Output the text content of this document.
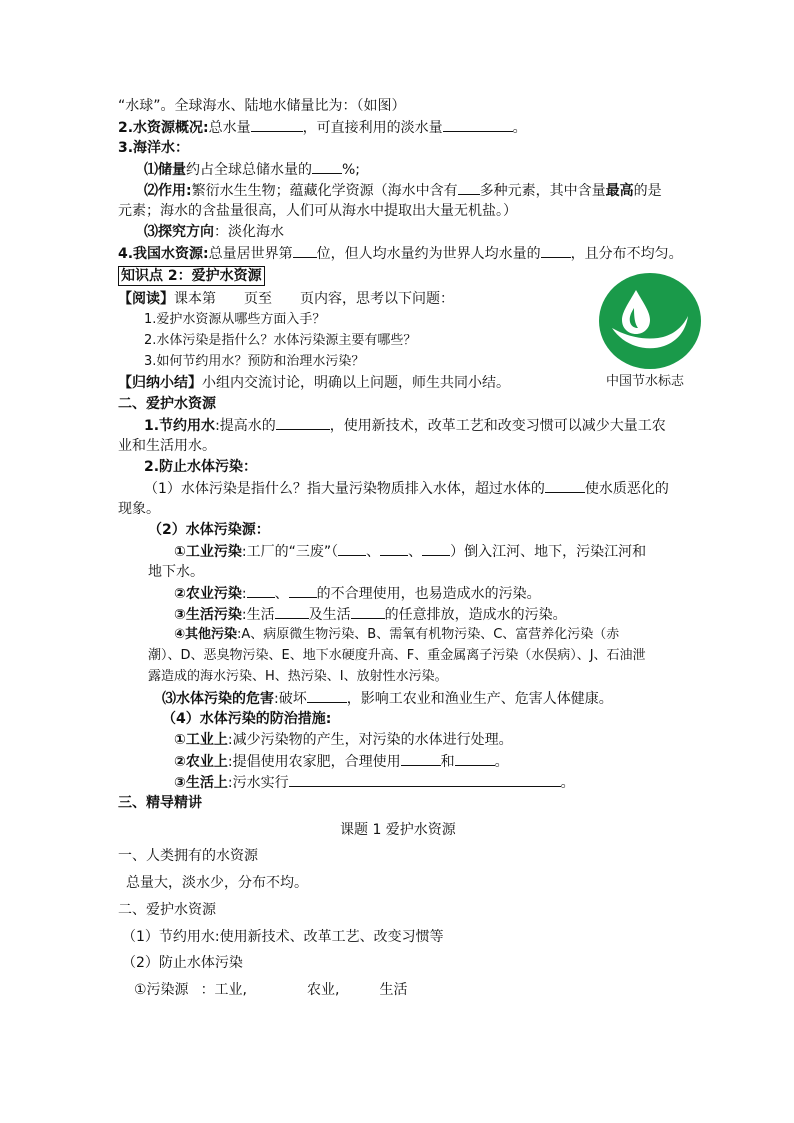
“水球”。全球海水、陆地水储量比为：（如图）
2.水资源概况:总水量	，可直接利用的淡水量	。
3.海洋水：
⑴储量约占全球总储水量的 %;
⑵作用:繁衍水生生物；蕴藏化学资源（海水中含有 多种元素，其中含量最高的是
元素；海水的含盐量很高，人们可从海水中提取出大量无机盐。）
⑶探究方向：淡化海水
4.我国水资源:总量居世界第 位，但人均水量约为世界人均水量的 ，且分布不均匀。
知识点 2：爱护水资源
【阅读】课本第　　页至　　页内容，思考以下问题：
1.爱护水资源从哪些方面入手？
2.水体污染是指什么？水体污染源主要有哪些？
3.如何节约用水？预防和治理水污染？
【归纳小结】小组内交流讨论，明确以上问题，师生共同小结。
二、爱护水资源
1.节约用水:提高水的	，使用新技术，改革工艺和改变习惯可以减少大量工农
业和生活用水。
2.防止水体污染：
（1）水体污染是指什么？指大量污染物质排入水体，超过水体的	使水质恶化的
现象。
（2）水体污染源：
①工业污染:工厂的“三废”（ 、 、 ）倒入江河、地下，污染江河和
地下水。
②农业污染: 、 的不合理使用，也易造成水的污染。
③生活污染:生活 及生活 的任意排放，造成水的污染。
④其他污染:A、病原微生物污染、B、需氧有机物污染、C、富营养化污染（赤
潮）、D、恶臭物污染、E、地下水硬度升高、F、重金属离子污染（水俣病）、J、石油泄
露造成的海水污染、H、热污染、I、放射性水污染。
⑶水体污染的危害:破坏	，影响工农业和渔业生产、危害人体健康。
（4）水体污染的防治措施:
①工业上:减少污染物的产生，对污染的水体进行处理。
②农业上:提倡使用农家肥，合理使用	和	。
③生活上:污水实行	。
三、精导精讲
课题 1 爱护水资源
一、人类拥有的水资源
总量大，淡水少，分布不均。
二、爱护水资源
（1）节约用水:使用新技术、改革工艺、改变习惯等
（2）防止水体污染
①污染源 ：工业,	农业,	生活
中国节水标志
